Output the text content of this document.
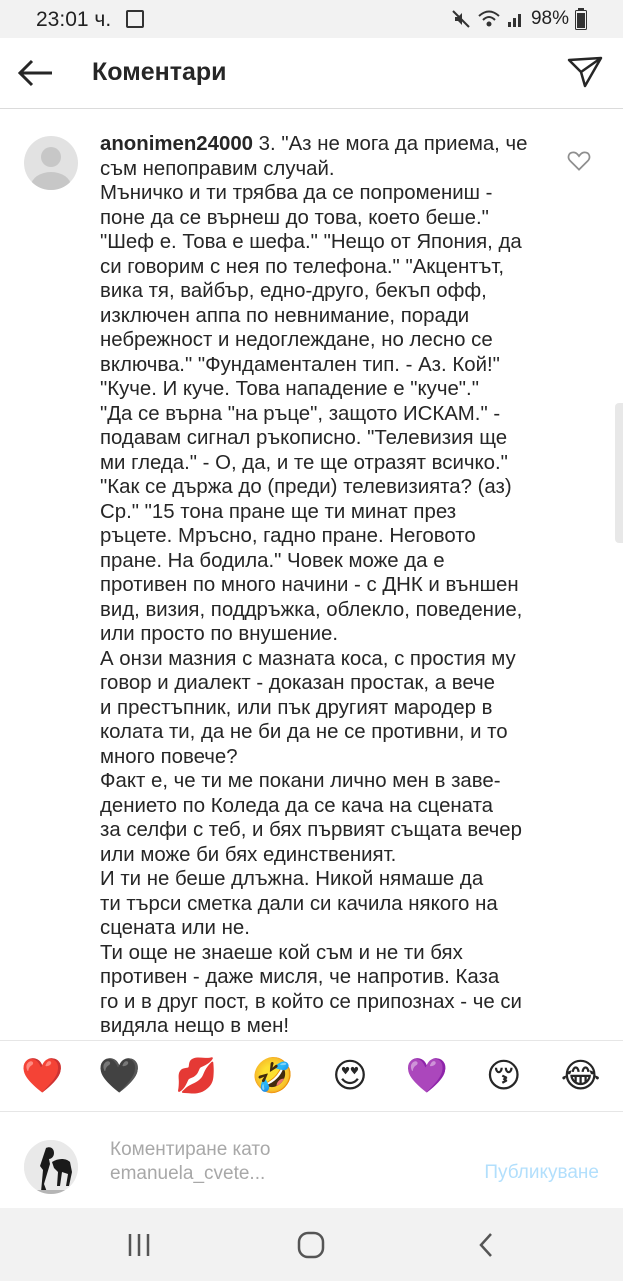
23:01 ч.	98%
Коментари
anonimen24000 3. "Аз не мога да приема, че
съм непоправим случай.
Мъничко и ти трябва да се попромениш -
поне да се върнеш до това, което беше."
"Шеф е. Това е шефа." "Нещо от Япония, да
си говорим с нея по телефона." "Акцентът,
вика тя, вайбър, едно-друго, бекъп офф,
изключен аппа по невнимание, поради
небрежност и недоглеждане, но лесно се
включва." "Фундаментален тип. - Аз. Кой!"
"Куче. И куче. Това нападение е "куче"."
"Да се върна "на ръце", защото ИСКАМ." -
подавам сигнал ръкописно. "Телевизия ще
ми гледа." - О, да, и те ще отразят всичко."
"Как се държа до (преди) телевизията? (аз)
Ср." "15 тона пране ще ти минат през
ръцете. Мръсно, гадно пране. Неговото
пране. На бодила." Човек може да е
противен по много начини - с ДНК и външен
вид, визия, поддръжка, облекло, поведение,
или просто по внушение.
А онзи мазния с мазната коса, с простия му
говор и диалект - доказан простак, а вече
и престъпник, или пък другият мародер в
колата ти, да не би да не се противни, и то
много повече?
Факт е, че ти ме покани лично мен в заве-
дението по Коледа да се кача на сцената
за селфи с теб, и бях първият същата вечер
или може би бях единственият.
И ти не беше длъжна. Никой нямаше да
ти търси сметка дали си качила някого на
сцената или не.
Ти още не знаеше кой съм и не ти бях
противен - даже мисля, че напротив. Каза
го и в друг пост, в който се припознах - че си
видяла нещо в мен!
❤️ 🖤 💋 🤣 😍 💜 😚 😂
Коментиране като
emanuela_cvete...	Публикуване
